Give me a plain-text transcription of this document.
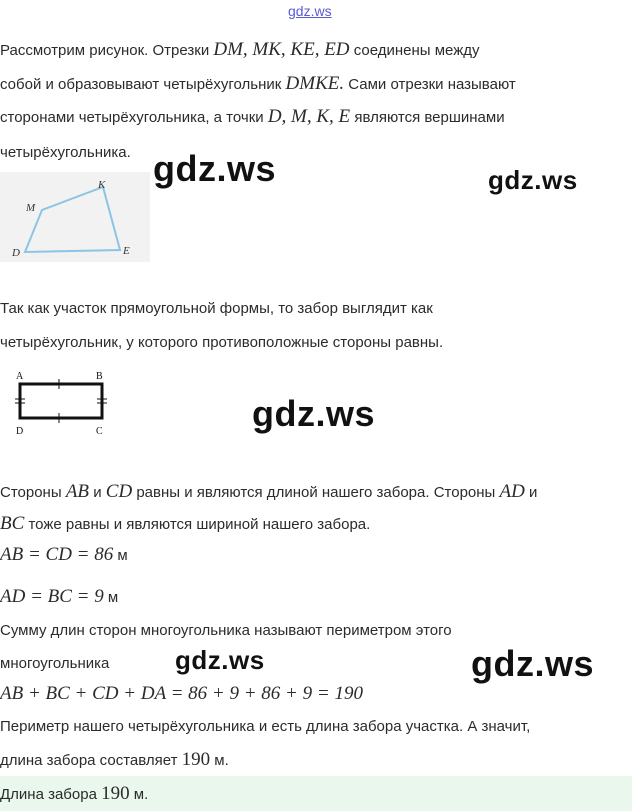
gdz.ws
Рассмотрим рисунок. Отрезки DM, MK, KE, ED соединены между
собой и образовывают четырёхугольник DMKE. Сами отрезки называют
сторонами четырёхугольника, а точки D, M, K, E являются вершинами
четырёхугольника. gdz.ws	gdz.ws
M
K
D	E
Так как участок прямоугольной формы, то забор выглядит как
четырёхугольник, у которого противоположные стороны равны.
A	B
D	C	gdz.ws
Стороны AB и CD равны и являются длиной нашего забора. Стороны AD и
BC тоже равны и являются шириной нашего забора.
AB = CD = 86 м
AD = BC = 9 м
Сумму длин сторон многоугольника называют периметром этого
многоугольника	gdz.ws	gdz.ws
AB + BC + CD + DA = 86 + 9 + 86 + 9 = 190
Периметр нашего четырёхугольника и есть длина забора участка. А значит,
длина забора составляет 190 м.
Длина забора 190 м.
